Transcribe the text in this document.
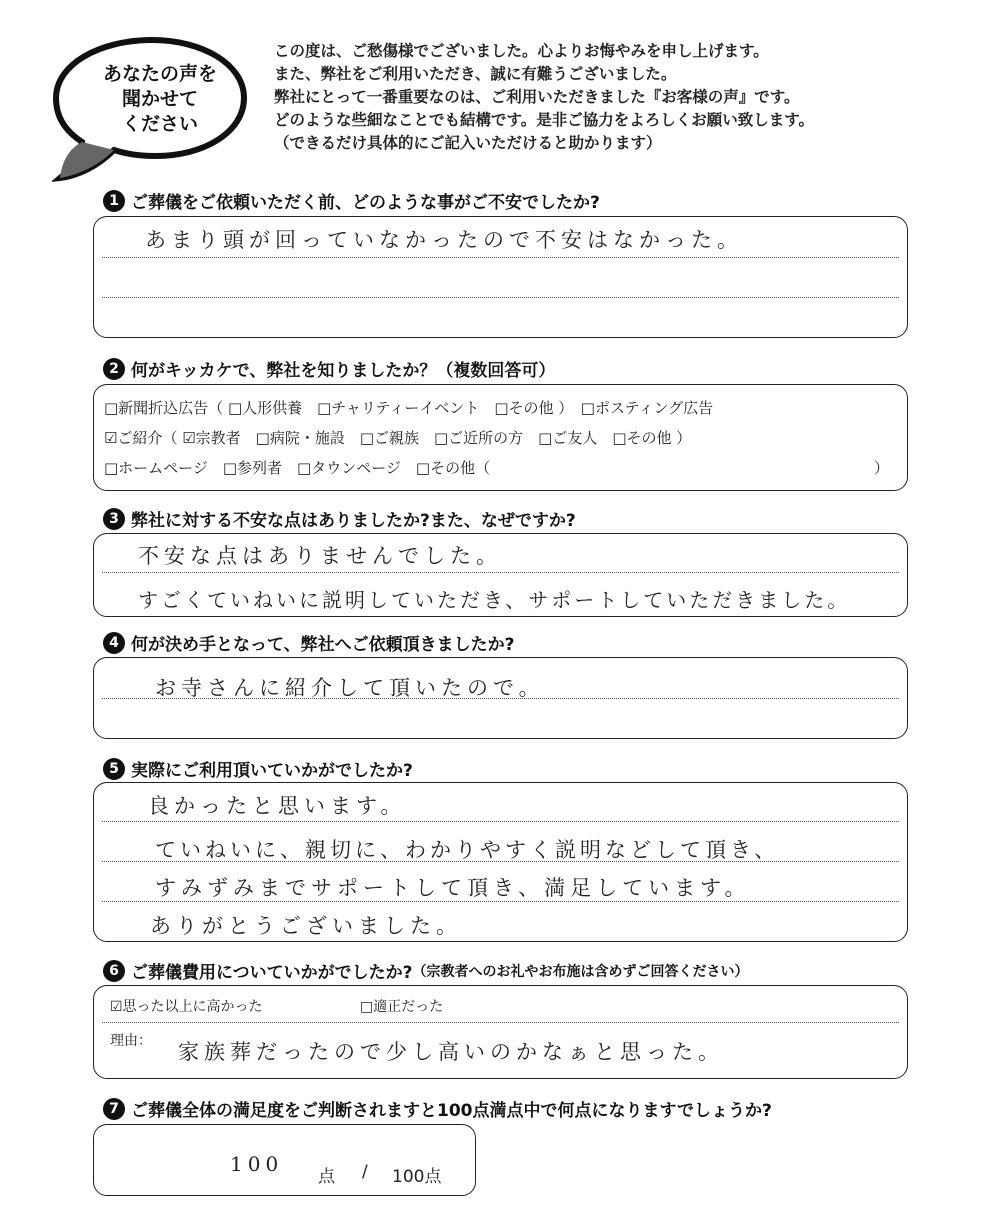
あなたの声を
聞かせて
ください
この度は、ご愁傷様でございました。心よりお悔やみを申し上げます。
また、弊社をご利用いただき、誠に有難うございました。
弊社にとって一番重要なのは、ご利用いただきました『お客様の声』です。
どのような些細なことでも結構です。是非ご協力をよろしくお願い致します。
（できるだけ具体的にご記入いただけると助かります）
1 ご葬儀をご依頼いただく前、どのような事がご不安でしたか?
あまり頭が回っていなかったので不安はなかった。
2 何がキッカケで、弊社を知りましたか？（複数回答可）
□新聞折込広告（ □人形供養　□チャリティーイベント　□その他 ）　□ポスティング広告
☑ご紹介（ ☑宗教者　□病院・施設　□ご親族　□ご近所の方　□ご友人　□その他 ）
□ホームページ　□参列者　□タウンページ　□その他（	）
3 弊社に対する不安な点はありましたか?また、なぜですか?
不安な点はありませんでした。
すごくていねいに説明していただき、サポートしていただきました。
4 何が決め手となって、弊社へご依頼頂きましたか?
お寺さんに紹介して頂いたので。
5 実際にご利用頂いていかがでしたか?
良かったと思います。
ていねいに、親切に、わかりやすく説明などして頂き、
すみずみまでサポートして頂き、満足しています。
ありがとうございました。
6 ご葬儀費用についていかがでしたか? （宗教者へのお礼やお布施は含めずご回答ください）
☑思った以上に高かった	□適正だった
理由： 家族葬だったので少し高いのかなぁと思った。
7 ご葬儀全体の満足度をご判断されますと100点満点中で何点になりますでしょうか?
100
点 / 100点
